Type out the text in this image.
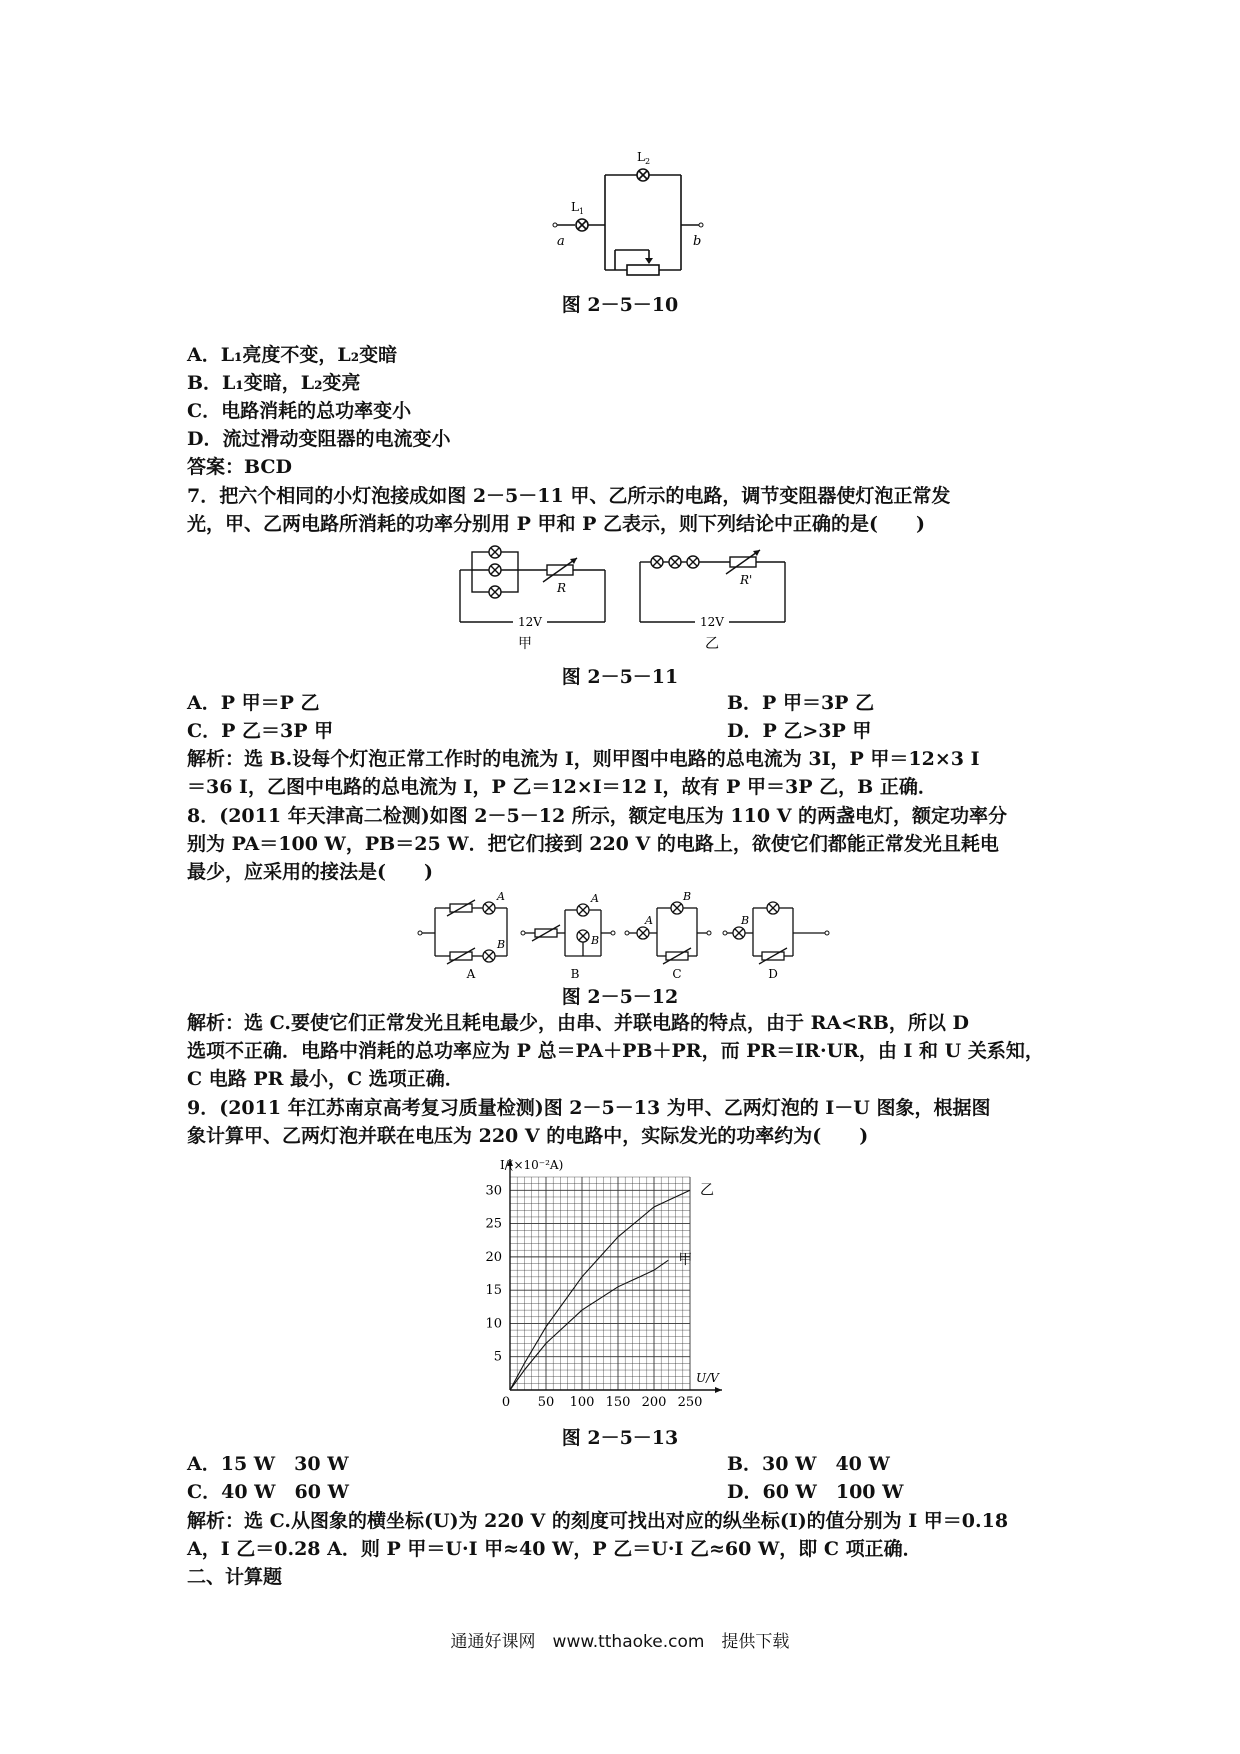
$L_1$
$L_2$
a	b
图 2－5－10
A．L₁亮度不变，L₂变暗
B．L₁变暗，L₂变亮
C．电路消耗的总功率变小
D．流过滑动变阻器的电流变小
答案：BCD
7．把六个相同的小灯泡接成如图 2－5－11 甲、乙所示的电路，调节变阻器使灯泡正常发
光，甲、乙两电路所消耗的功率分别用 P 甲和 P 乙表示，则下列结论中正确的是(　　)
R
R'
12V	12V
甲	乙
图 2－5－11
A．P 甲＝P 乙	B．P 甲＝3P 乙
C．P 乙＝3P 甲	D．P 乙>3P 甲
解析：选 B.设每个灯泡正常工作时的电流为 I，则甲图中电路的总电流为 3I，P 甲＝12×3 I
＝36 I，乙图中电路的总电流为 I，P 乙＝12×I＝12 I，故有 P 甲＝3P 乙，B 正确．
8．(2011 年天津高二检测)如图 2－5－12 所示，额定电压为 110 V 的两盏电灯，额定功率分
别为 PA＝100 W，PB＝25 W．把它们接到 220 V 的电路上，欲使它们都能正常发光且耗电
最少，应采用的接法是(　　)
A
B
A
B
A
B
B
A	B	C	D
图 2－5－12
解析：选 C.要使它们正常发光且耗电最少，由串、并联电路的特点，由于 RA<RB，所以 D
选项不正确．电路中消耗的总功率应为 P 总＝PA＋PB＋PR，而 PR＝IR·UR，由 I 和 U 关系知，
C 电路 PR 最小，C 选项正确．
9．(2011 年江苏南京高考复习质量检测)图 2－5－13 为甲、乙两灯泡的 I－U 图象，根据图
象计算甲、乙两灯泡并联在电压为 220 V 的电路中，实际发光的功率约为(　　)
50 100 150 200 250
5
10
15
20
25
30
0
I/(×10⁻²A)
U/V
乙
甲
图 2－5－13
A．15 W　30 W	B．30 W　40 W
C．40 W　60 W	D．60 W　100 W
解析：选 C.从图象的横坐标(U)为 220 V 的刻度可找出对应的纵坐标(I)的值分别为 I 甲＝0.18
A，I 乙＝0.28 A．则 P 甲＝U·I 甲≈40 W，P 乙＝U·I 乙≈60 W，即 C 项正确．
二、计算题
通通好课网　www.tthaoke.com　提供下载
